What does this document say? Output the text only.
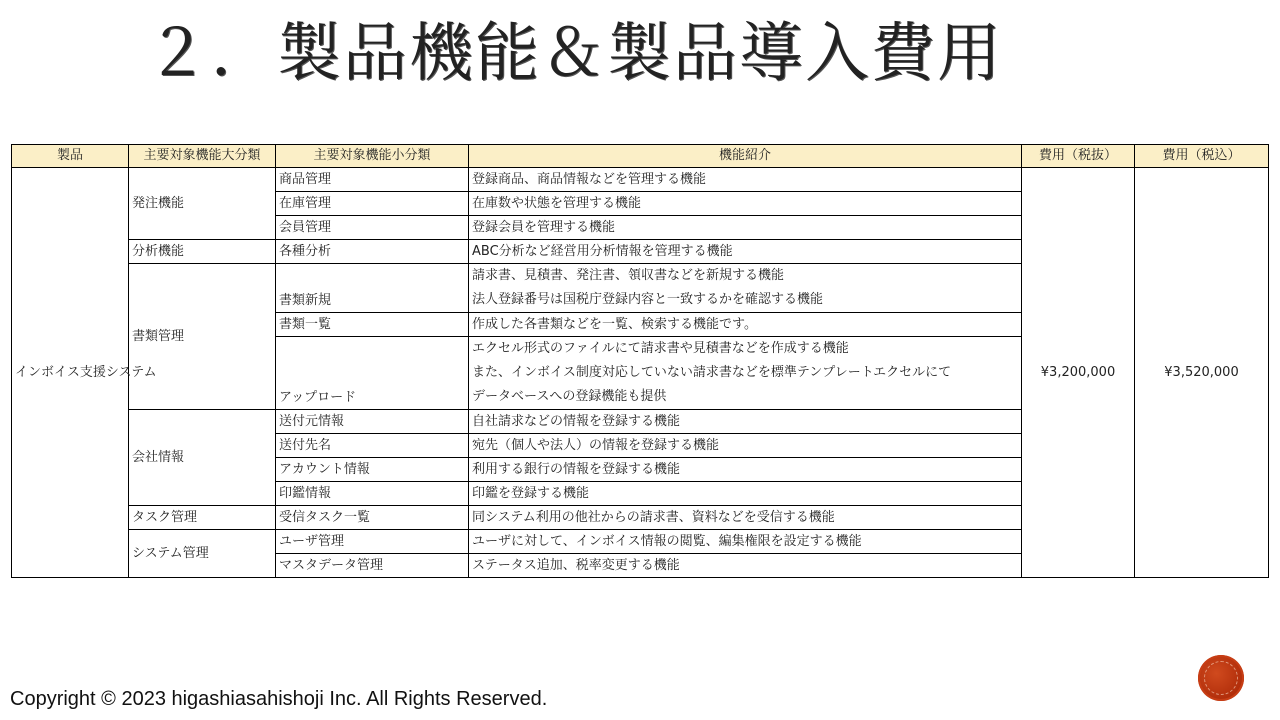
２．製品機能＆製品導入費用
製品	主要対象機能大分類	主要対象機能小分類	機能紹介	費用（税抜）	費用（税込）
インボイス支援システム	発注機能	商品管理	登録商品、商品情報などを管理する機能	¥3,200,000	¥3,520,000
		在庫管理	在庫数や状態を管理する機能		
		会員管理	登録会員を管理する機能		
	分析機能	各種分析	ABC分析など経営用分析情報を管理する機能		
	書類管理	書類新規	請求書、見積書、発注書、領収書などを新規する機能
法人登録番号は国税庁登録内容と一致するかを確認する機能		

		書類一覧	作成した各書類などを一覧、検索する機能です。		
		アップロード	エクセル形式のファイルにて請求書や見積書などを作成する機能
また、インボイス制度対応していない請求書などを標準テンプレートエクセルにて
データベースへの登録機能も提供		

	会社情報	送付元情報	自社請求などの情報を登録する機能		
		送付先名	宛先（個人や法人）の情報を登録する機能		
		アカウント情報	利用する銀行の情報を登録する機能		
		印鑑情報	印鑑を登録する機能		
	タスク管理	受信タスク一覧	同システム利用の他社からの請求書、資料などを受信する機能		
	システム管理	ユーザ管理	ユーザに対して、インボイス情報の閲覧、編集権限を設定する機能		
		マスタデータ管理	ステータス追加、税率変更する機能		
Copyright © 2023 higashiasahishoji Inc. All Rights Reserved.
